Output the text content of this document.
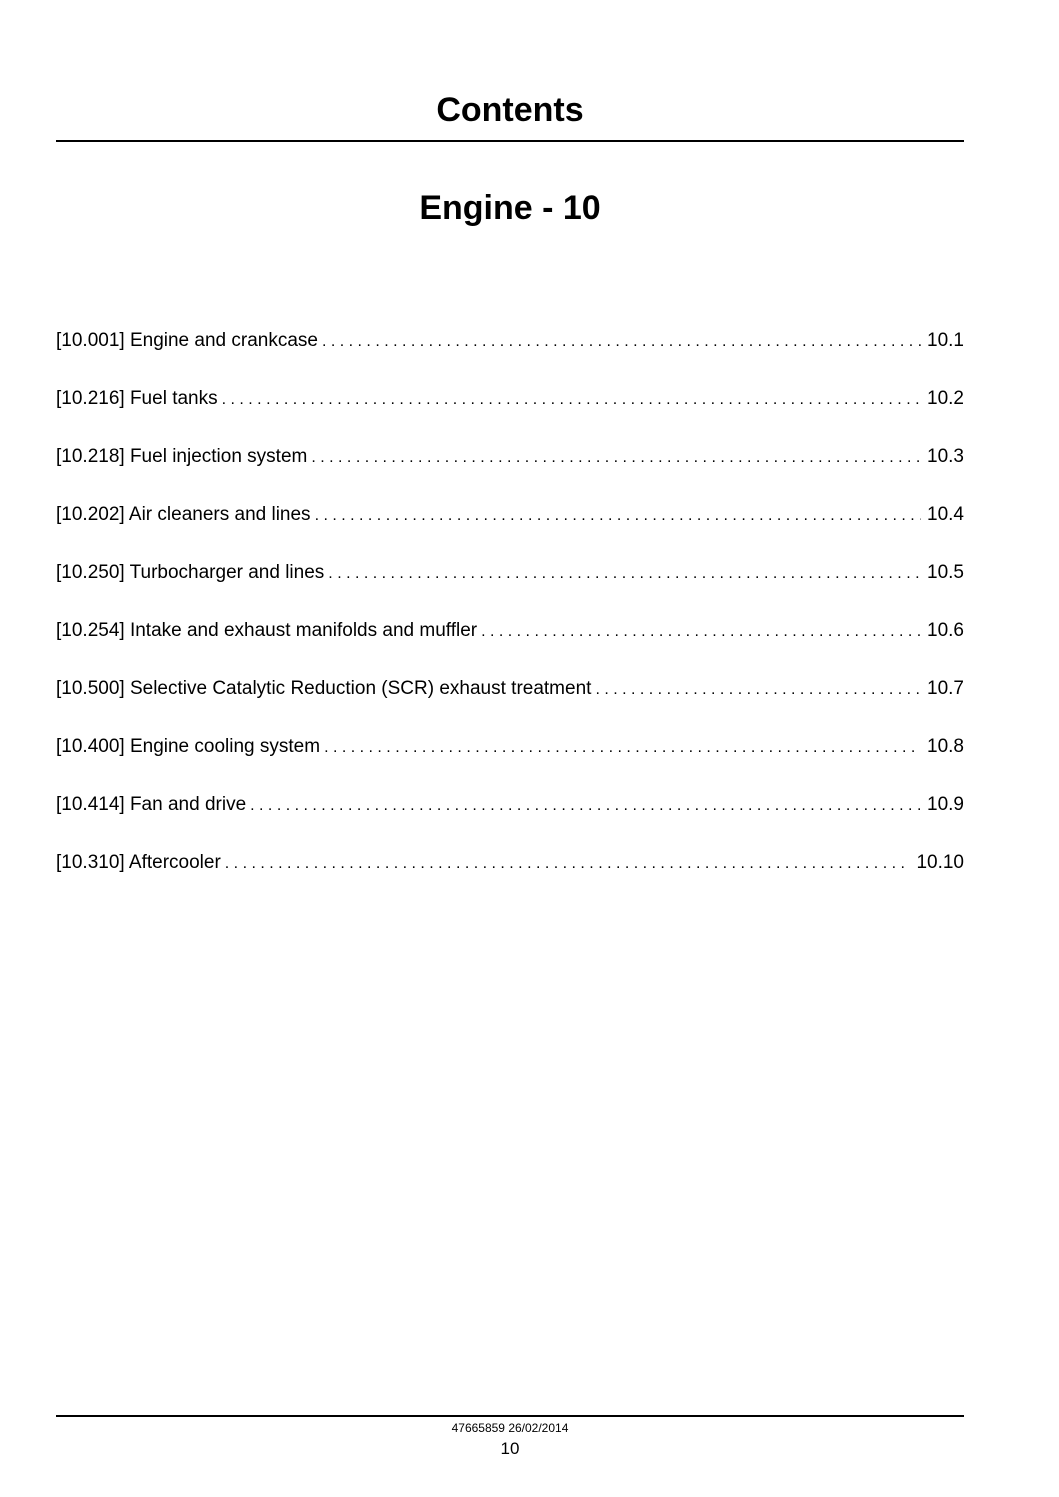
Contents
Engine - 10
[10.001] Engine and crankcase . . .	10.1
[10.216] Fuel tanks . . .	10.2
[10.218] Fuel injection system . . .	10.3
[10.202] Air cleaners and lines . . .	10.4
[10.250] Turbocharger and lines . . .	10.5
[10.254] Intake and exhaust manifolds and muffler . . .	10.6
[10.500] Selective Catalytic Reduction (SCR) exhaust treatment . . .	10.7
[10.400] Engine cooling system . . .	10.8
[10.414] Fan and drive . . .	10.9
[10.310] Aftercooler . . .	10.10
47665859 26/02/2014
10
